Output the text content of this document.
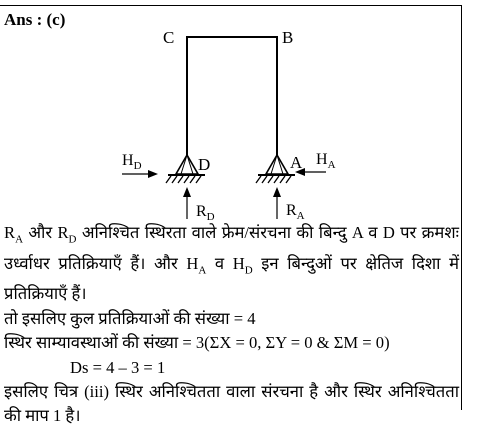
Ans : (c)
C	B
D	A
$H_D$	$H_A$
$R_D$	$R_A$

$R_A$ और $R_D$ अनिश्चित स्थिरता वाले फ्रेम/संरचना की बिन्दु A व D पर क्रमशः उर्ध्वाधर प्रतिक्रियाएँ हैं। और $H_A$ व $H_D$ इन बिन्दुओं पर क्षेतिज दिशा में प्रतिक्रियाएँ हैं।

तो इसलिए कुल प्रतिक्रियाओं की संख्या = 4

स्थिर साम्यावस्थाओं की संख्या = 3(ΣX = 0, ΣY = 0 & ΣM = 0)

Ds = 4 – 3 = 1

इसलिए चित्र (iii) स्थिर अनिश्चितता वाला संरचना है और स्थिर अनिश्चितता की माप 1 है।
